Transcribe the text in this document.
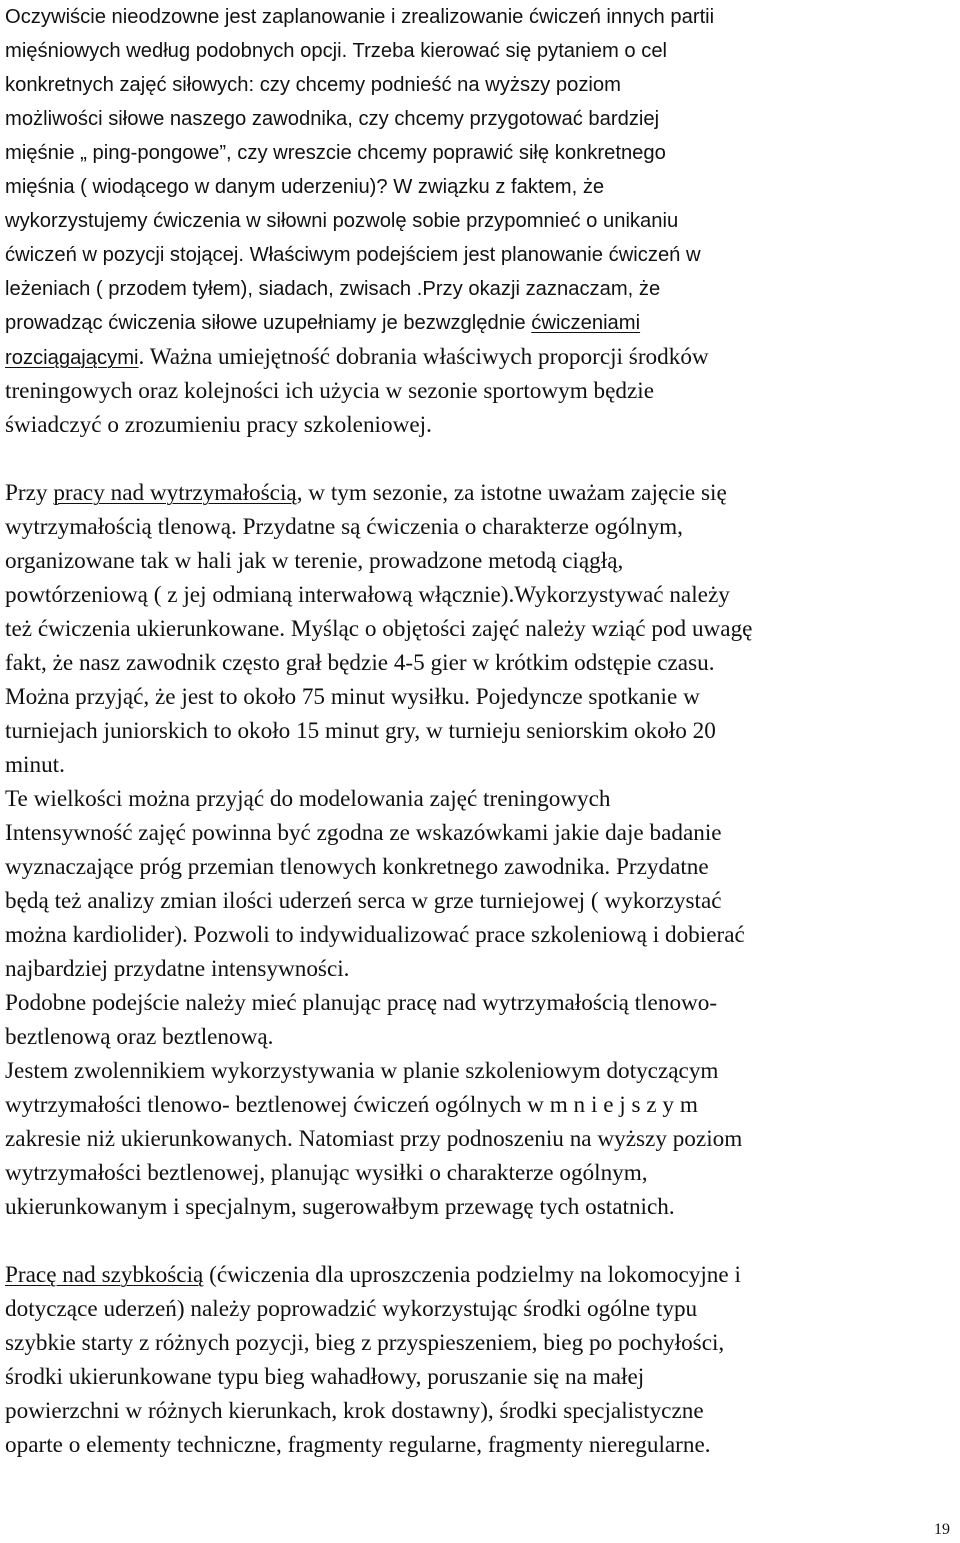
Oczywiście nieodzowne jest zaplanowanie i zrealizowanie ćwiczeń innych partii
mięśniowych według podobnych opcji. Trzeba kierować się pytaniem o cel
konkretnych zajęć siłowych: czy chcemy podnieść na wyższy poziom
możliwości siłowe naszego zawodnika, czy chcemy przygotować bardziej
mięśnie „ ping-pongowe”, czy wreszcie chcemy poprawić siłę konkretnego
mięśnia ( wiodącego w danym uderzeniu)? W związku z faktem, że
wykorzystujemy ćwiczenia w siłowni pozwolę sobie przypomnieć o unikaniu
ćwiczeń w pozycji stojącej. Właściwym podejściem jest planowanie ćwiczeń w
leżeniach ( przodem tyłem), siadach, zwisach .Przy okazji zaznaczam, że
prowadząc ćwiczenia siłowe uzupełniamy je bezwzględnie ćwiczeniami
rozciągającymi. Ważna umiejętność dobrania właściwych proporcji środków
treningowych oraz kolejności ich użycia w sezonie sportowym będzie
świadczyć o zrozumieniu pracy szkoleniowej.
Przy pracy nad wytrzymałością, w tym sezonie, za istotne uważam zajęcie się
wytrzymałością tlenową. Przydatne są ćwiczenia o charakterze ogólnym,
organizowane tak w hali jak w terenie, prowadzone metodą ciągłą,
powtórzeniową ( z jej odmianą interwałową włącznie).Wykorzystywać należy
też ćwiczenia ukierunkowane. Myśląc o objętości zajęć należy wziąć pod uwagę
fakt, że nasz zawodnik często grał będzie 4-5 gier w krótkim odstępie czasu.
Można przyjąć, że jest to około 75 minut wysiłku. Pojedyncze spotkanie w
turniejach juniorskich to około 15 minut gry, w turnieju seniorskim około 20
minut.
Te wielkości można przyjąć do modelowania zajęć treningowych
Intensywność zajęć powinna być zgodna ze wskazówkami jakie daje badanie
wyznaczające próg przemian tlenowych konkretnego zawodnika. Przydatne
będą też analizy zmian ilości uderzeń serca w grze turniejowej ( wykorzystać
można kardiolider). Pozwoli to indywidualizować prace szkoleniową i dobierać
najbardziej przydatne intensywności.
Podobne podejście należy mieć planując pracę nad wytrzymałością tlenowo-
beztlenową oraz beztlenową.
Jestem zwolennikiem wykorzystywania w planie szkoleniowym dotyczącym
wytrzymałości tlenowo- beztlenowej ćwiczeń ogólnych w m n i e j s z y m
zakresie niż ukierunkowanych. Natomiast przy podnoszeniu na wyższy poziom
wytrzymałości beztlenowej, planując wysiłki o charakterze ogólnym,
ukierunkowanym i specjalnym, sugerowałbym przewagę tych ostatnich.
Pracę nad szybkością (ćwiczenia dla uproszczenia podzielmy na lokomocyjne i
dotyczące uderzeń) należy poprowadzić wykorzystując środki ogólne typu
szybkie starty z różnych pozycji, bieg z przyspieszeniem, bieg po pochyłości,
środki ukierunkowane typu bieg wahadłowy, poruszanie się na małej
powierzchni w różnych kierunkach, krok dostawny), środki specjalistyczne
oparte o elementy techniczne, fragmenty regularne, fragmenty nieregularne.
19
